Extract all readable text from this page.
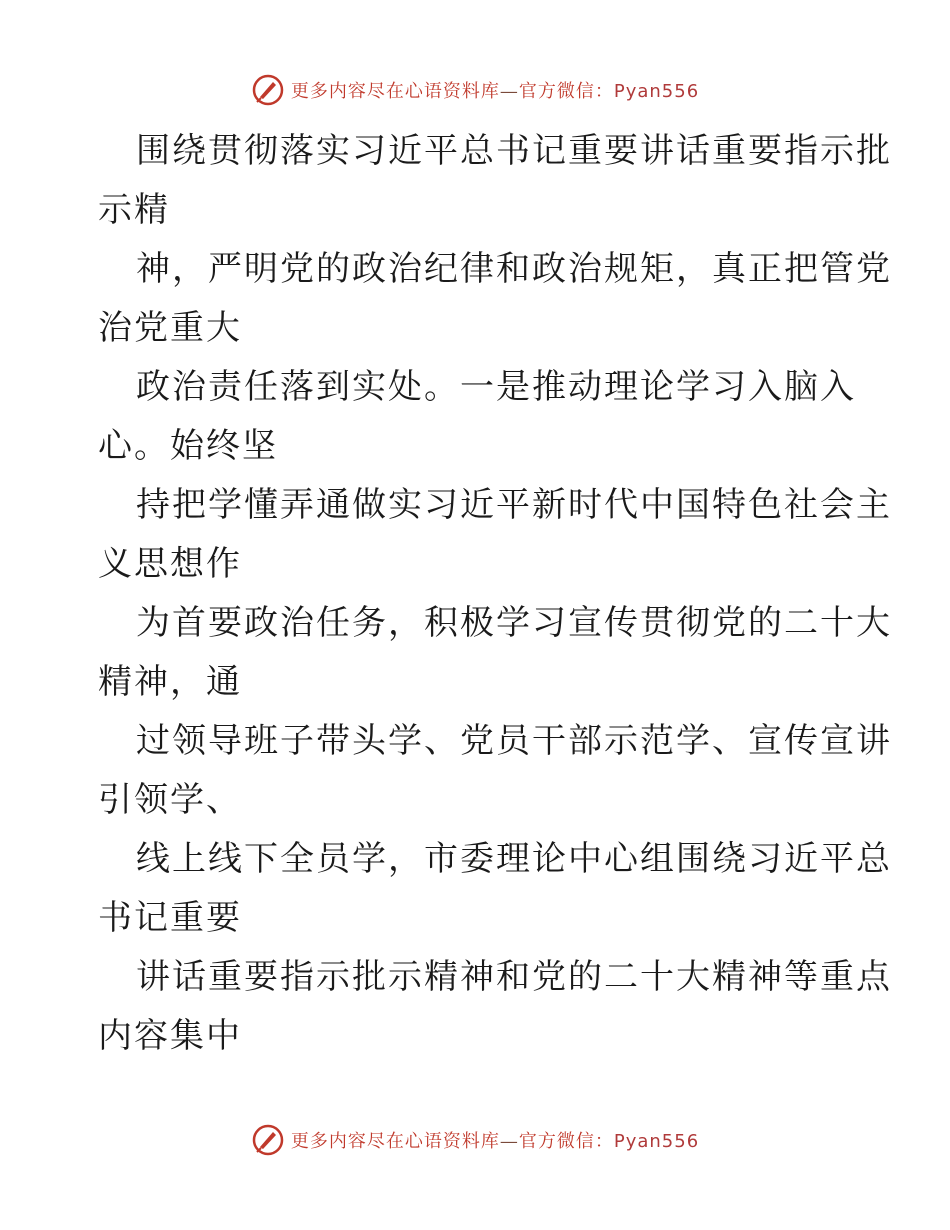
更多内容尽在心语资料库—官方微信：Pyan556
围绕贯彻落实习近平总书记重要讲话重要指示批
示精
神，严明党的政治纪律和政治规矩，真正把管党
治党重大
政治责任落到实处。一是推动理论学习入脑入
心。始终坚
持把学懂弄通做实习近平新时代中国特色社会主
义思想作
为首要政治任务，积极学习宣传贯彻党的二十大
精神，通
过领导班子带头学、党员干部示范学、宣传宣讲
引领学、
线上线下全员学，市委理论中心组围绕习近平总
书记重要
讲话重要指示批示精神和党的二十大精神等重点
内容集中
更多内容尽在心语资料库—官方微信：Pyan556
